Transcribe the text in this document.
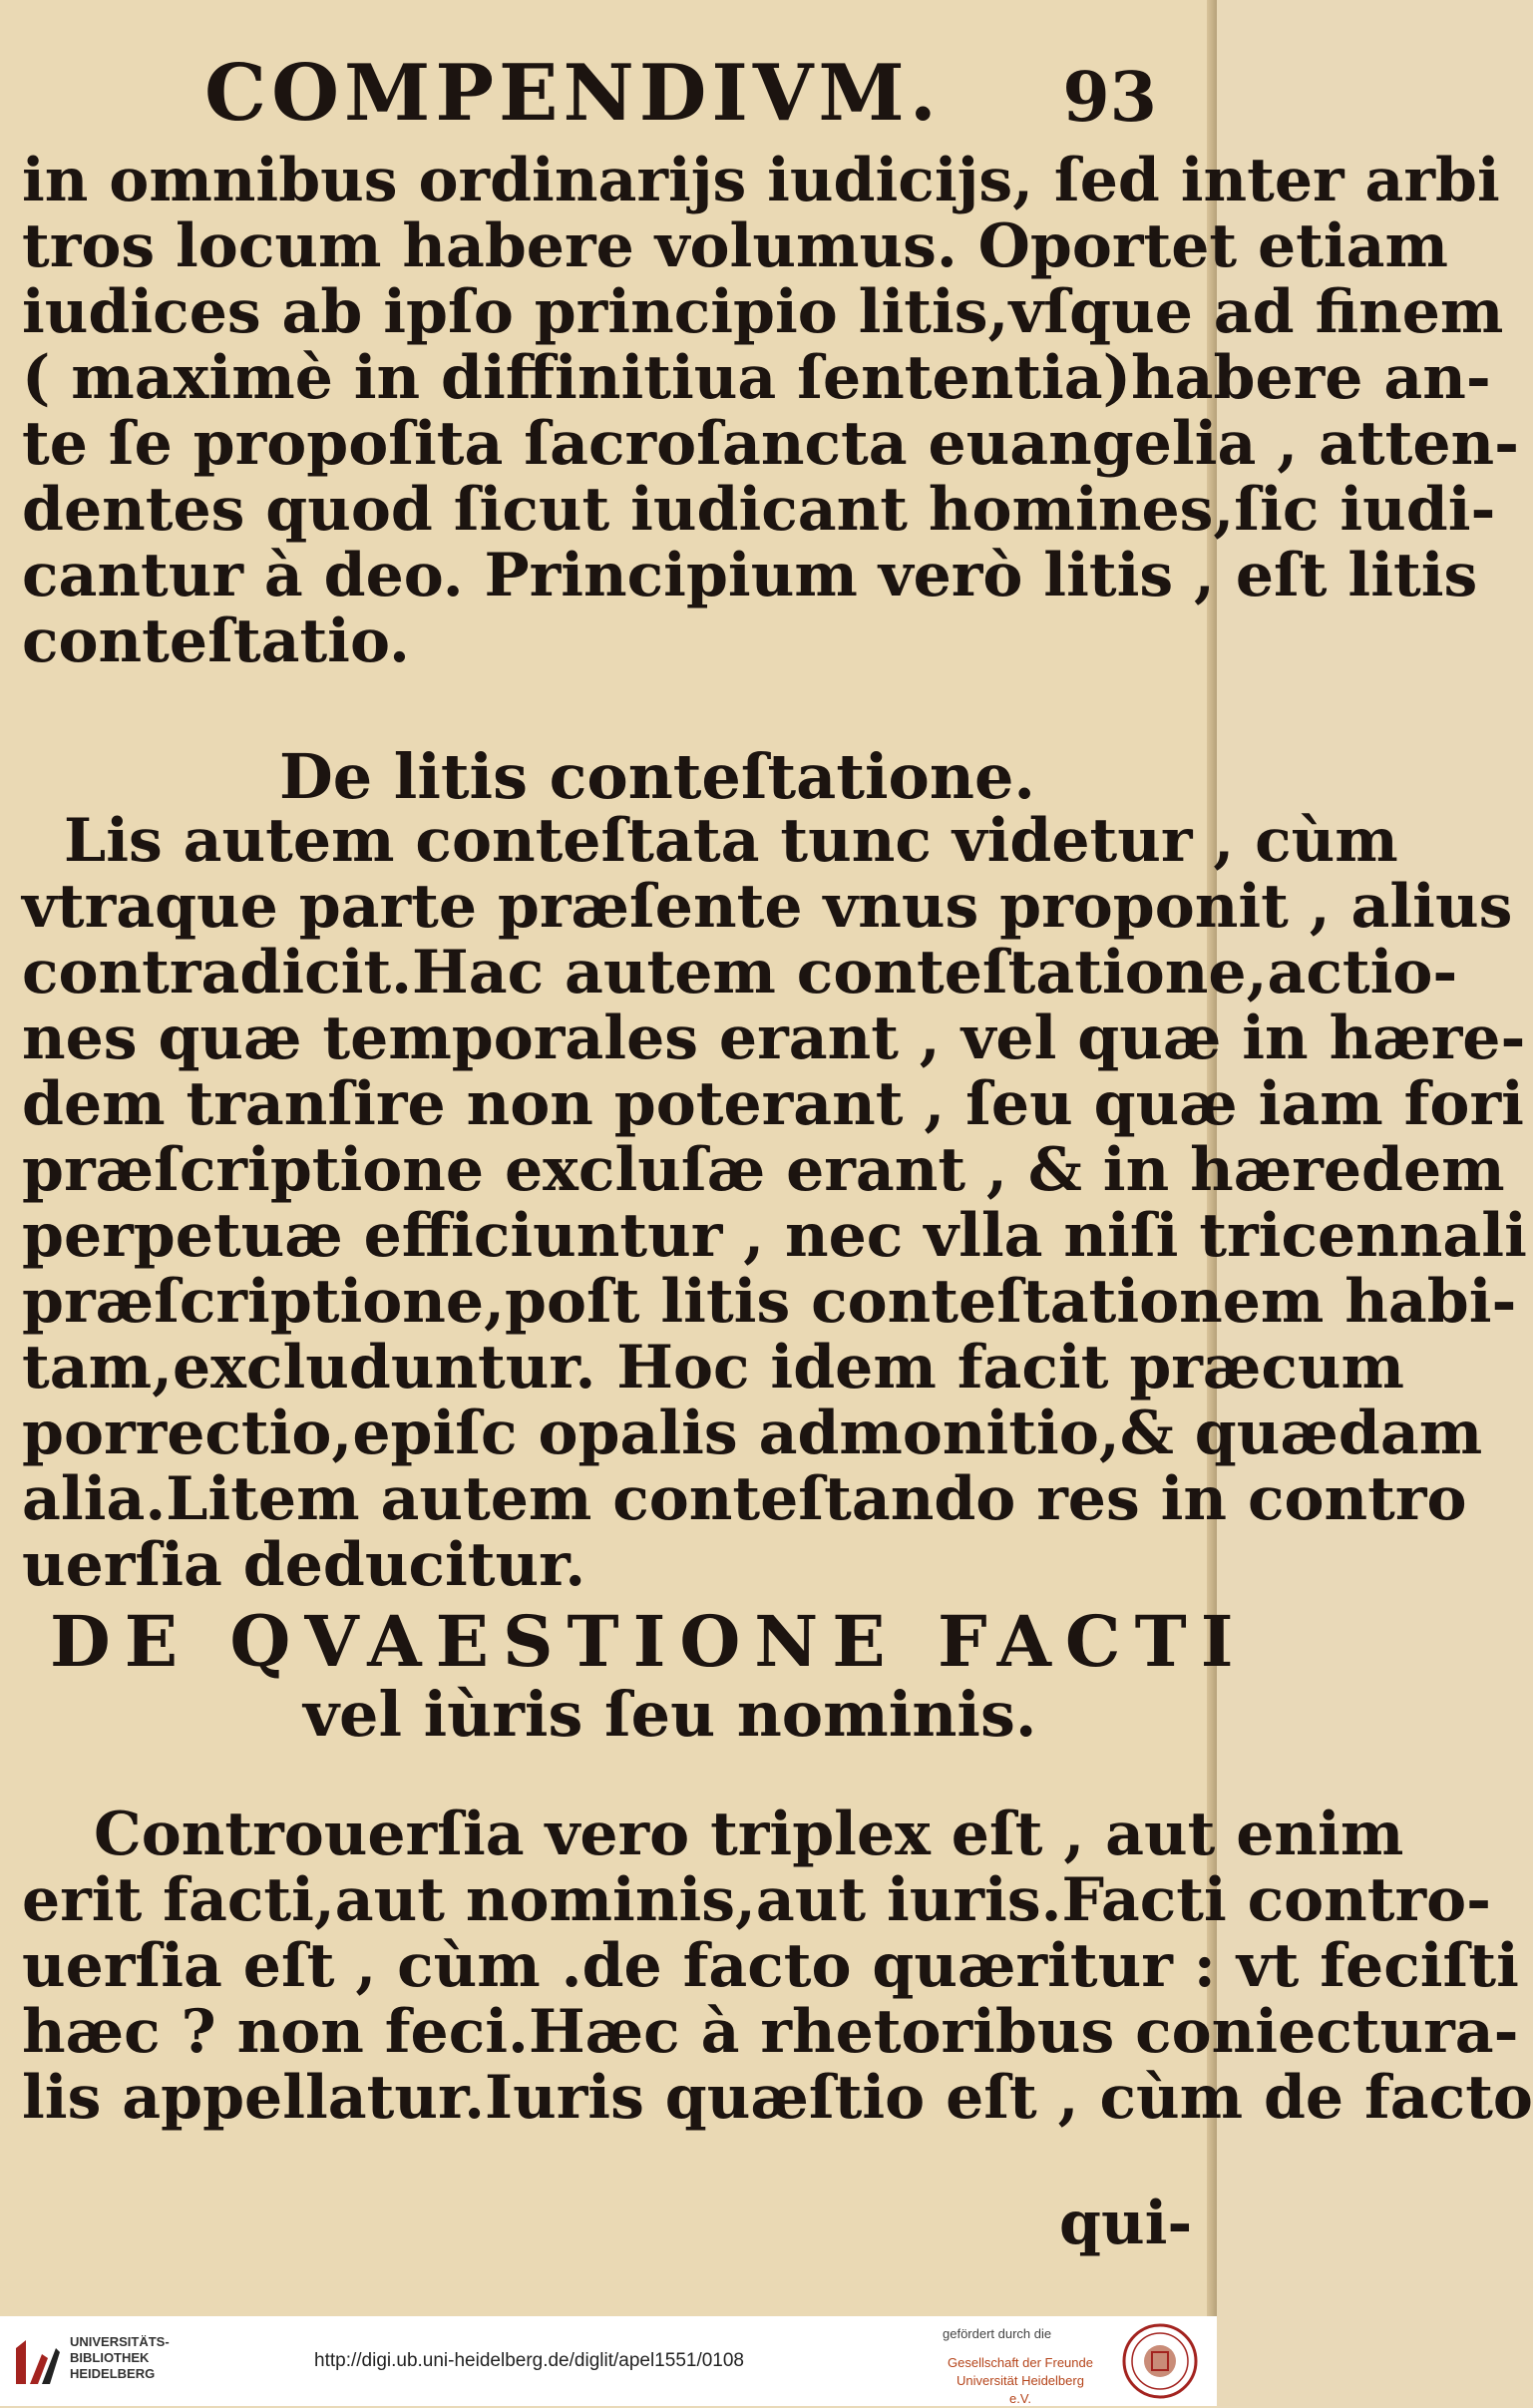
COMPENDIVM. 93
in omnibus ordinarijs iudicijs, ſed inter arbi
tros locum habere volumus. Oportet etiam
iudices ab ipſo principio litis,vſque ad finem
( maximè in diffinitiua ſententia)habere an-
te ſe propoſita ſacroſancta euangelia , atten-
dentes quod ſicut iudicant homines,ſic iudi-
cantur à deo. Principium verò litis , eſt litis
conteſtatio.
De litis conteſtatione.
Lis autem conteſtata tunc videtur , cùm
vtraque parte præſente vnus proponit , alius
contradicit.Hac autem conteſtatione,actio-
nes quæ temporales erant , vel quæ in hære-
dem tranſire non poterant , ſeu quæ iam fori
præſcriptione excluſæ erant , & in hæredem
perpetuæ efficiuntur , nec vlla niſi tricennali
præſcriptione,poſt litis conteſtationem habi-
tam,excluduntur. Hoc idem facit præcum
porrectio,epiſc opalis admonitio,& quædam
alia.Litem autem conteſtando res in contro
uerſia deducitur.
DE QVAESTIONE FACTI
vel iùris ſeu nominis.
Controuerſia vero triplex eſt , aut enim
erit facti,aut nominis,aut iuris.Facti contro-
uerſia eſt , cùm .de facto quæritur : vt feciſti
hæc ? non feci.Hæc à rhetoribus coniectura-
lis appellatur.Iuris quæſtio eſt , cùm de facto
qui-
UNIVERSITÄTS-
BIBLIOTHEK
HEIDELBERG
http://digi.ub.uni-heidelberg.de/diglit/apel1551/0108
gefördert durch die
Gesellschaft der Freunde
Universität Heidelberg e.V.
